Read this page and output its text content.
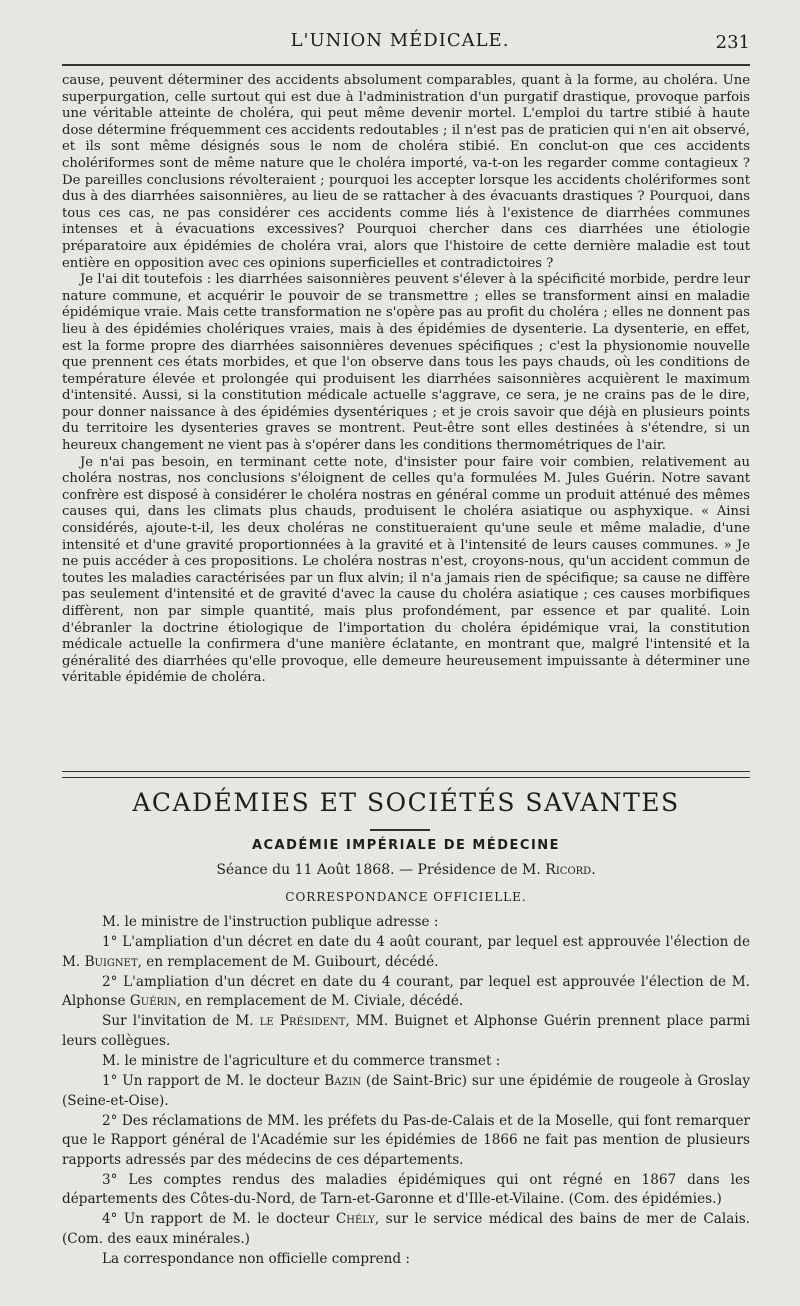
L'UNION MÉDICALE.	231

cause, peuvent déterminer des accidents absolument comparables, quant à la forme, au choléra. Une superpurgation, celle surtout qui est due à l'administration d'un purgatif drastique, provoque parfois une véritable atteinte de choléra, qui peut même devenir mortel. L'emploi du tartre stibié à haute dose détermine fréquemment ces accidents redoutables ; il n'est pas de praticien qui n'en ait observé, et ils sont même désignés sous le nom de choléra stibié. En conclut-on que ces accidents cholériformes sont de même nature que le choléra importé, va-t-on les regarder comme contagieux ? De pareilles conclusions révolteraient ; pourquoi les accepter lorsque les accidents cholériformes sont dus à des diarrhées saisonnières, au lieu de se rattacher à des évacuants drastiques ? Pourquoi, dans tous ces cas, ne pas considérer ces accidents comme liés à l'existence de diarrhées communes intenses et à évacuations excessives? Pourquoi chercher dans ces diarrhées une étiologie préparatoire aux épidémies de choléra vrai, alors que l'histoire de cette dernière maladie est tout entière en opposition avec ces opinions superficielles et contradictoires ?

Je l'ai dit toutefois : les diarrhées saisonnières peuvent s'élever à la spécificité morbide, perdre leur nature commune, et acquérir le pouvoir de se transmettre ; elles se transforment ainsi en maladie épidémique vraie. Mais cette transformation ne s'opère pas au profit du choléra ; elles ne donnent pas lieu à des épidémies cholériques vraies, mais à des épidémies de dysenterie. La dysenterie, en effet, est la forme propre des diarrhées saisonnières devenues spécifiques ; c'est la physionomie nouvelle que prennent ces états morbides, et que l'on observe dans tous les pays chauds, où les conditions de température élevée et prolongée qui produisent les diarrhées saisonnières acquièrent le maximum d'intensité. Aussi, si la constitution médicale actuelle s'aggrave, ce sera, je ne crains pas de le dire, pour donner naissance à des épidémies dysentériques ; et je crois savoir que déjà en plusieurs points du territoire les dysenteries graves se montrent. Peut-être sont elles destinées à s'étendre, si un heureux changement ne vient pas à s'opérer dans les conditions thermométriques de l'air.

Je n'ai pas besoin, en terminant cette note, d'insister pour faire voir combien, relativement au choléra nostras, nos conclusions s'éloignent de celles qu'a formulées M. Jules Guérin. Notre savant confrère est disposé à considérer le choléra nostras en général comme un produit atténué des mêmes causes qui, dans les climats plus chauds, produisent le choléra asiatique ou asphyxique. « Ainsi considérés, ajoute-t-il, les deux choléras ne constitueraient qu'une seule et même maladie, d'une intensité et d'une gravité proportionnées à la gravité et à l'intensité de leurs causes communes. » Je ne puis accéder à ces propositions. Le choléra nostras n'est, croyons-nous, qu'un accident commun de toutes les maladies caractérisées par un flux alvin; il n'a jamais rien de spécifique; sa cause ne diffère pas seulement d'intensité et de gravité d'avec la cause du choléra asiatique ; ces causes morbifiques diffèrent, non par simple quantité, mais plus profondément, par essence et par qualité. Loin d'ébranler la doctrine étiologique de l'importation du choléra épidémique vrai, la constitution médicale actuelle la confirmera d'une manière éclatante, en montrant que, malgré l'intensité et la généralité des diarrhées qu'elle provoque, elle demeure heureusement impuissante à déterminer une véritable épidémie de choléra.

ACADÉMIES ET SOCIÉTÉS SAVANTES
ACADÉMIE IMPÉRIALE DE MÉDECINE
Séance du 11 Août 1868. — Présidence de M. Ricord.
CORRESPONDANCE OFFICIELLE.

M. le ministre de l'instruction publique adresse :

1° L'ampliation d'un décret en date du 4 août courant, par lequel est approuvée l'élection de M. Buignet, en remplacement de M. Guibourt, décédé.

2° L'ampliation d'un décret en date du 4 courant, par lequel est approuvée l'élection de M. Alphonse Guérin, en remplacement de M. Civiale, décédé.

Sur l'invitation de M. le Président, MM. Buignet et Alphonse Guérin prennent place parmi leurs collègues.

M. le ministre de l'agriculture et du commerce transmet :

1° Un rapport de M. le docteur Bazin (de Saint-Bric) sur une épidémie de rougeole à Groslay (Seine-et-Oise).

2° Des réclamations de MM. les préfets du Pas-de-Calais et de la Moselle, qui font remarquer que le Rapport général de l'Académie sur les épidémies de 1866 ne fait pas mention de plusieurs rapports adressés par des médecins de ces départements.

3° Les comptes rendus des maladies épidémiques qui ont régné en 1867 dans les départements des Côtes-du-Nord, de Tarn-et-Garonne et d'Ille-et-Vilaine. (Com. des épidémies.)

4° Un rapport de M. le docteur Chély, sur le service médical des bains de mer de Calais. (Com. des eaux minérales.)

La correspondance non officielle comprend :
